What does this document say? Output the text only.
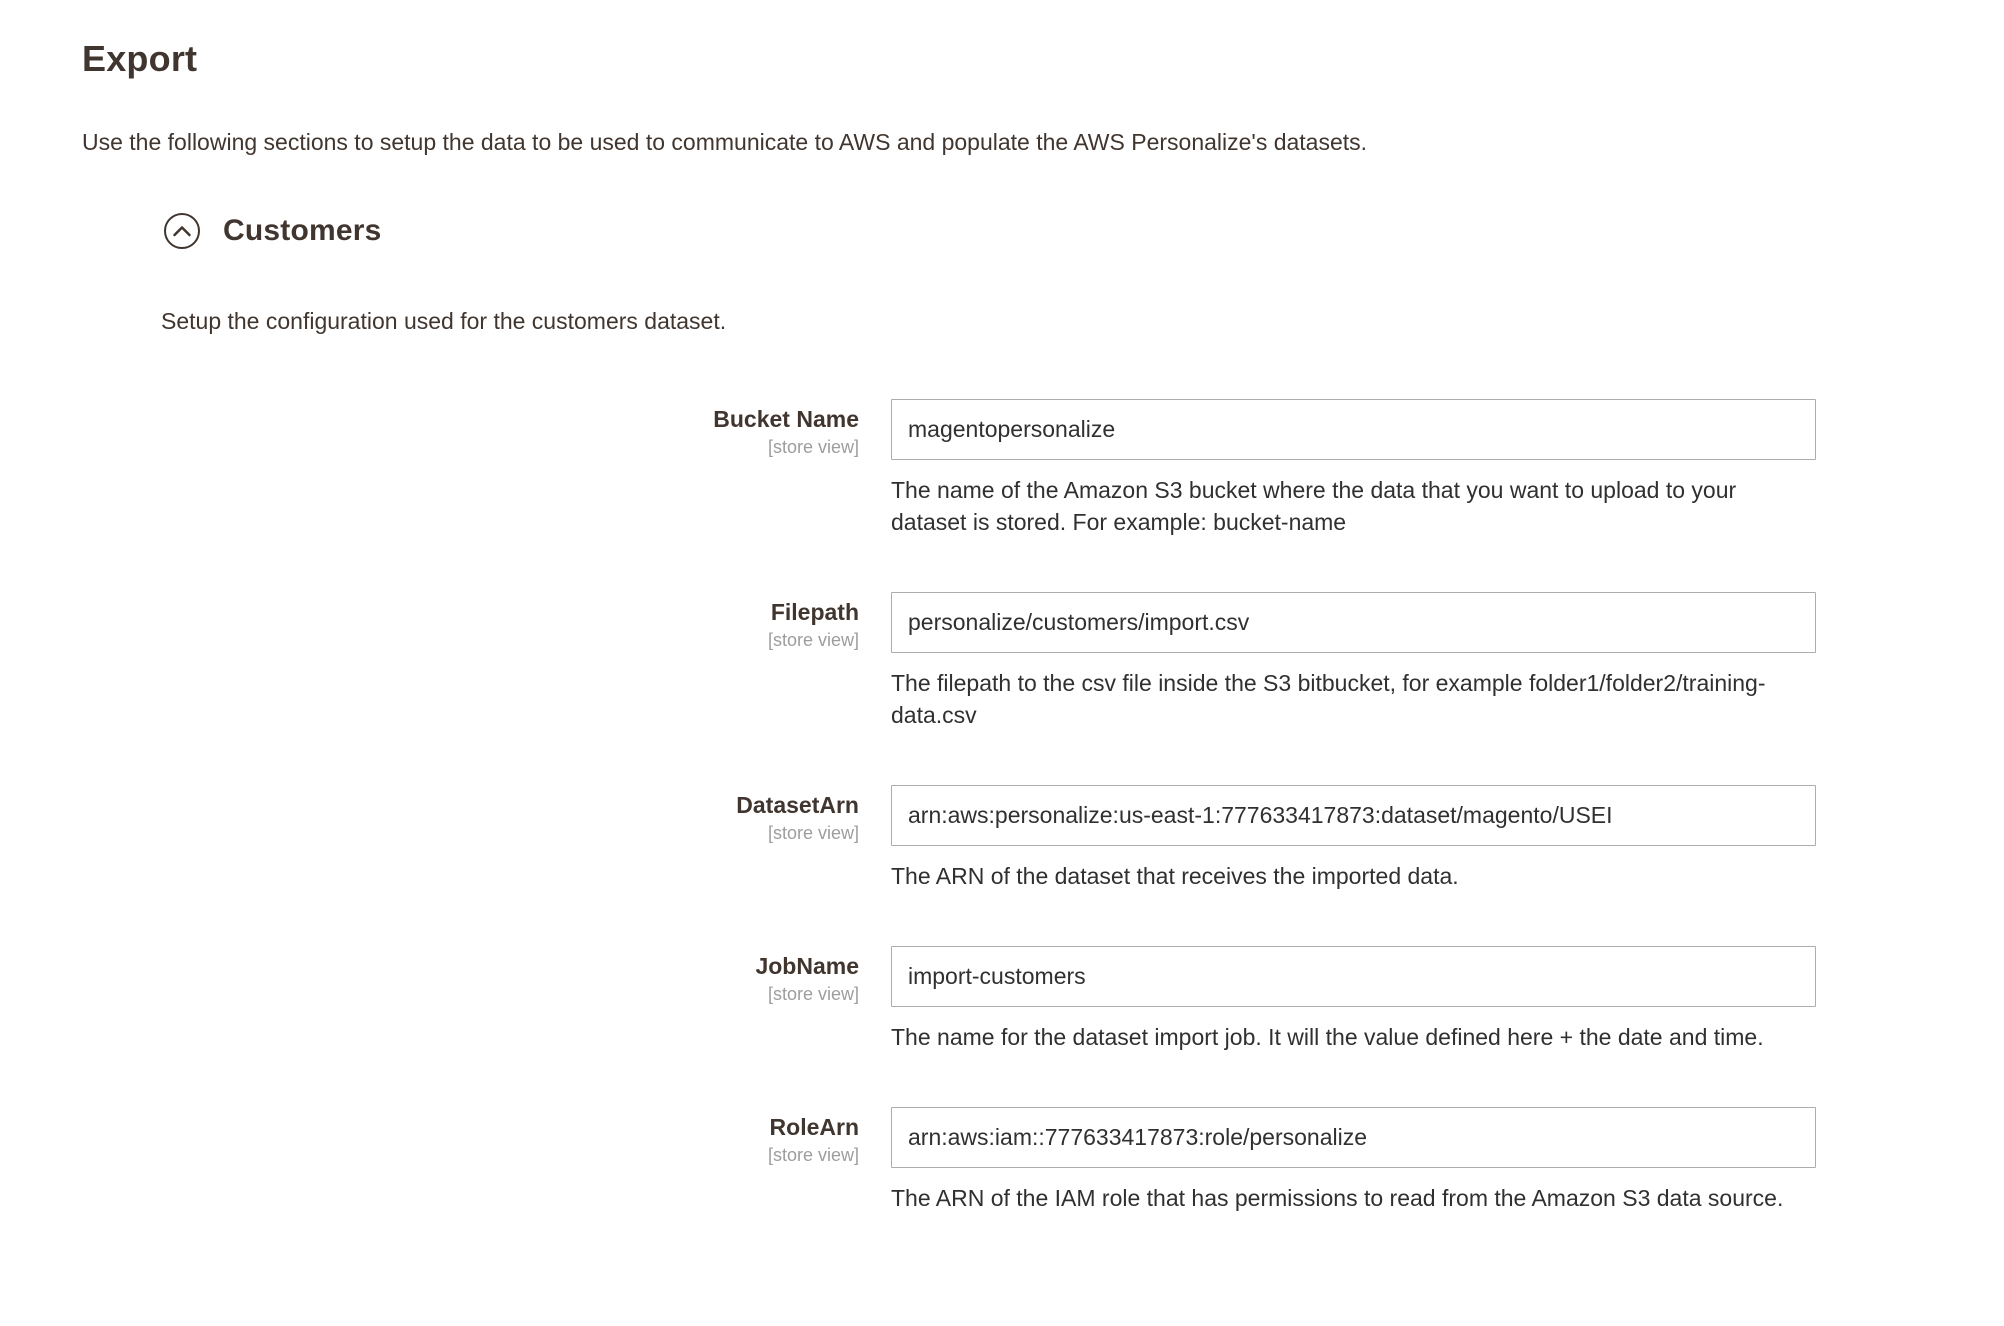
Export

Use the following sections to setup the data to be used to communicate to AWS and populate the AWS Personalize's datasets.

Customers

Setup the configuration used for the customers dataset.

Bucket Name
[store view]
magentopersonalize

The name of the Amazon S3 bucket where the data that you want to upload to your dataset is stored. For example: bucket-name

Filepath
[store view]
personalize/customers/import.csv

The filepath to the csv file inside the S3 bitbucket, for example folder1/folder2/training-data.csv

DatasetArn
[store view]
arn:aws:personalize:us-east-1:777633417873:dataset/magento/USEI

The ARN of the dataset that receives the imported data.

JobName
[store view]
import-customers

The name for the dataset import job. It will the value defined here + the date and time.

RoleArn
[store view]
arn:aws:iam::777633417873:role/personalize

The ARN of the IAM role that has permissions to read from the Amazon S3 data source.
